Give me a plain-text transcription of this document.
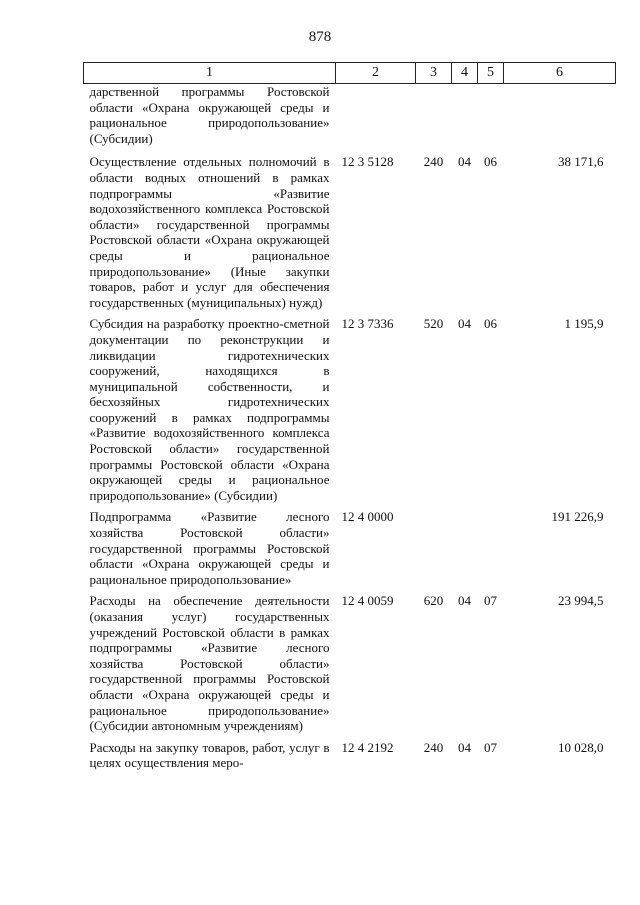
878
1	2	3	4	5	6
дарственной программы Ростовской области «Охрана окружающей среды и рациональное природопользование» (Субсидии)					
Осуществление отдельных полномочий в области водных отношений в рамках подпрограммы «Развитие водохозяйственного комплекса Ростовской области» государственной программы Ростовской области «Охрана окружающей среды и рациональное природопользование» (Иные закупки товаров, работ и услуг для обеспечения государственных (муниципальных) нужд)	12 3 5128	240	04	06	38 171,6
Субсидия на разработку проектно-сметной документации по реконструкции и ликвидации гидротехнических сооружений, находящихся в муниципальной собственности, и бесхозяйных гидротехнических сооружений в рамках подпрограммы «Развитие водохозяйственного комплекса Ростовской области» государственной программы Ростовской области «Охрана окружающей среды и рациональное природопользование» (Субсидии)	12 3 7336	520	04	06	1 195,9
Подпрограмма «Развитие лесного хозяйства Ростовской области» государственной программы Ростовской области «Охрана окружающей среды и рациональное природопользование»	12 4 0000				191 226,9
Расходы на обеспечение деятельности (оказания услуг) государственных учреждений Ростовской области в рамках подпрограммы «Развитие лесного хозяйства Ростовской области» государственной программы Ростовской области «Охрана окружающей среды и рациональное природопользование» (Субсидии автономным учреждениям)	12 4 0059	620	04	07	23 994,5
Расходы на закупку товаров, работ, услуг в целях осуществления меро-	12 4 2192	240	04	07	10 028,0
